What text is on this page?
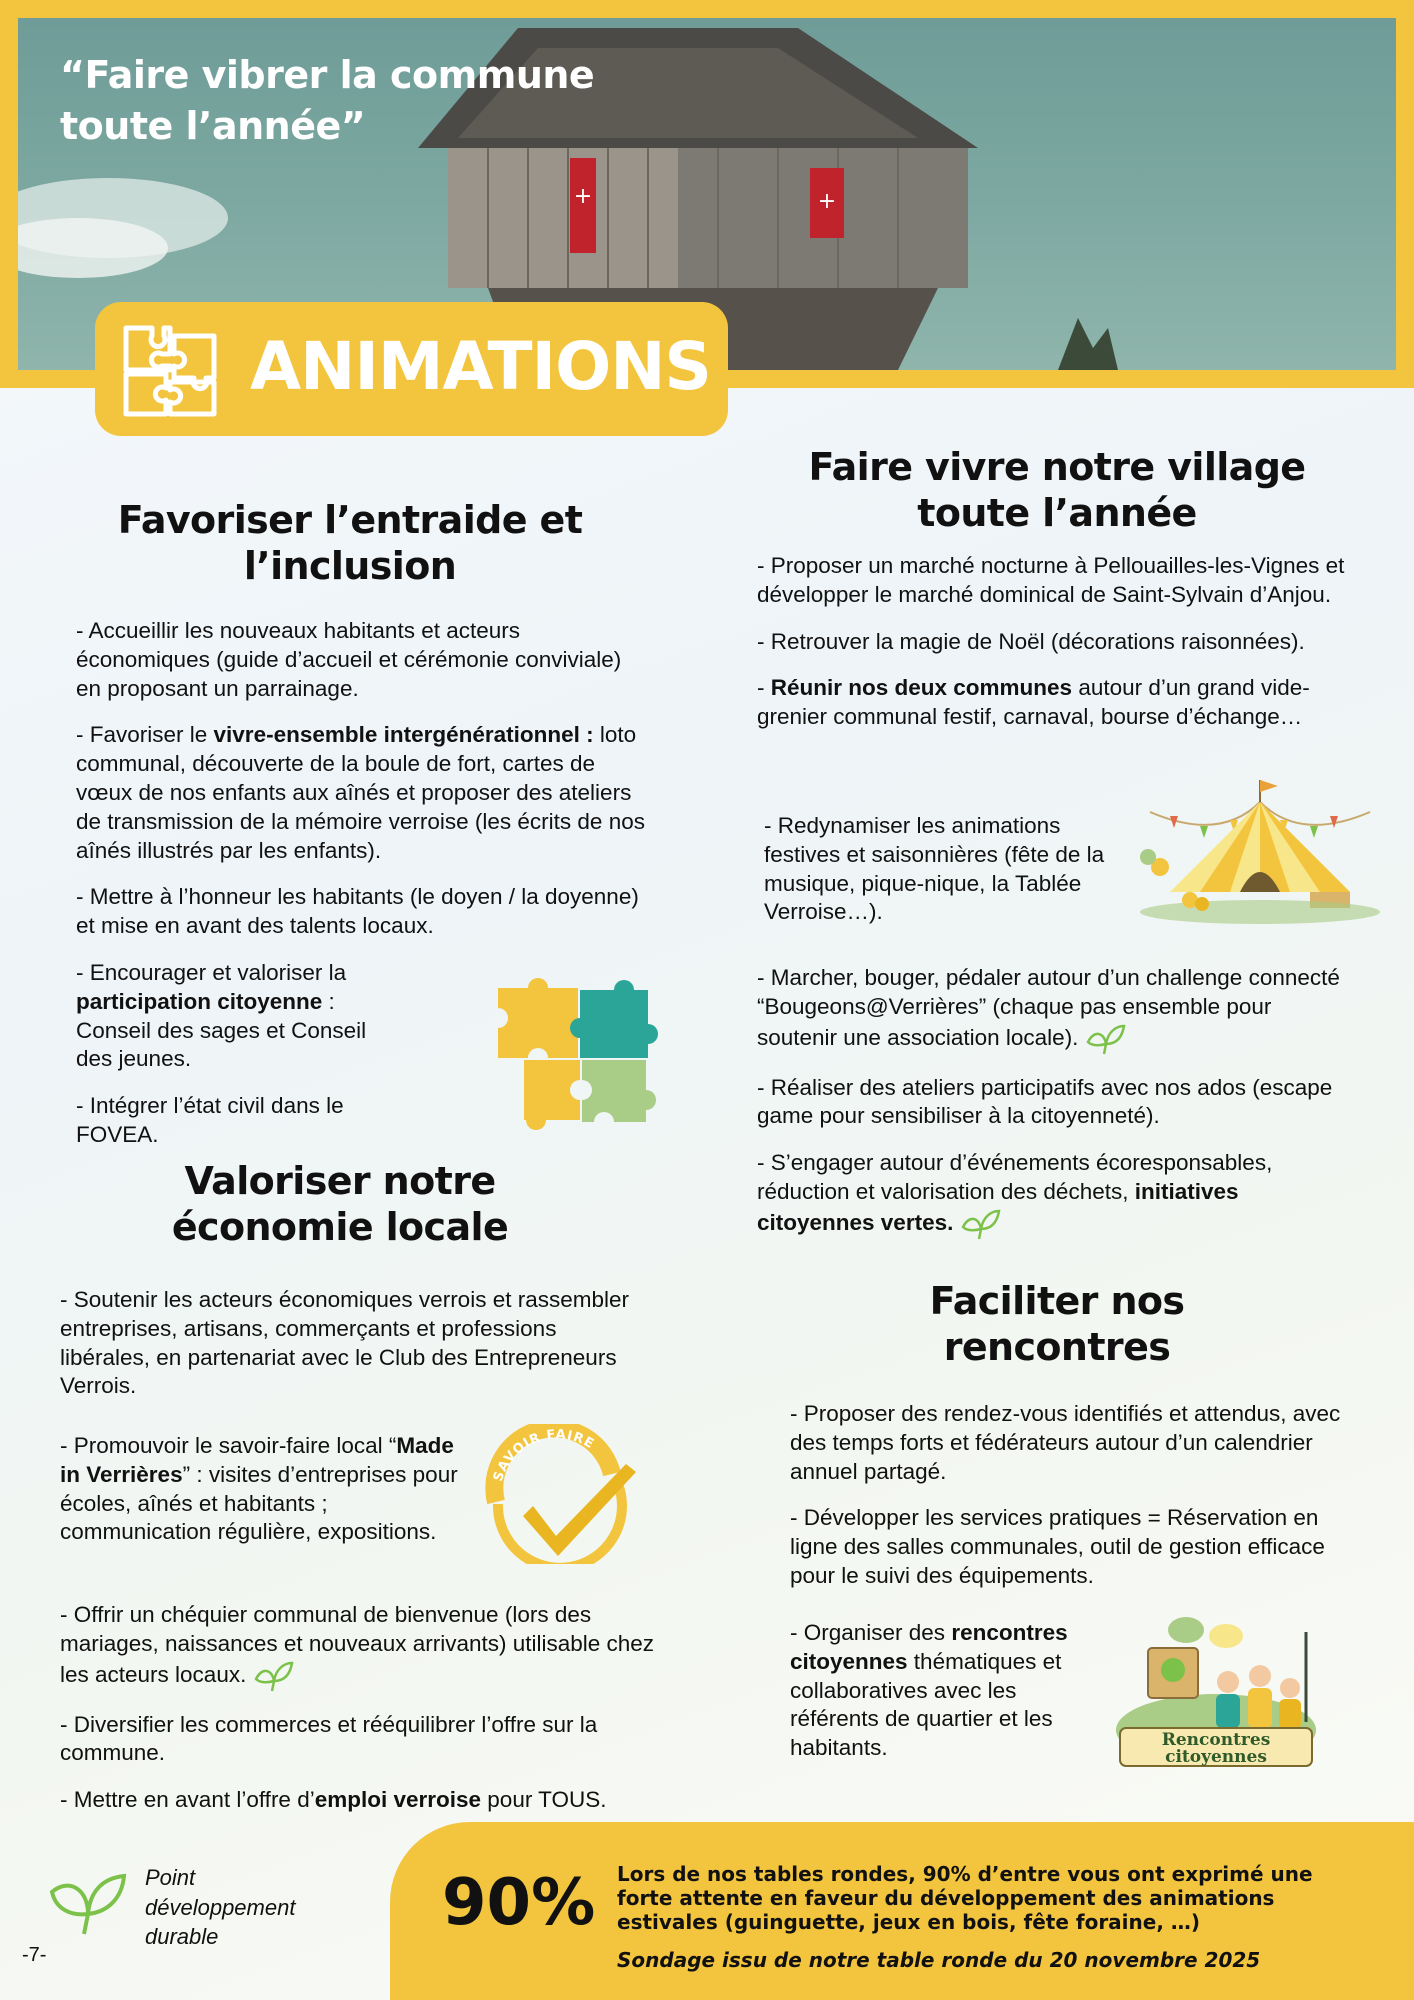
+	+
“Faire vibrer la commune
toute l’année”
ANIMATIONS
Favoriser l’entraide et
l’inclusion

- Accueillir les nouveaux habitants et acteurs économiques (guide d’accueil et cérémonie conviviale) en proposant un parrainage.

- Favoriser le vivre-ensemble intergénérationnel : loto communal, découverte de la boule de fort, cartes de vœux de nos enfants aux aînés et proposer des ateliers de transmission de la mémoire verroise (les écrits de nos aînés illustrés par les enfants).

- Mettre à l’honneur les habitants (le doyen / la doyenne) et mise en avant des talents locaux.

- Encourager et valoriser la participation citoyenne : Conseil des sages et Conseil des jeunes.

- Intégrer l’état civil dans le FOVEA.

Valoriser notre
économie locale

- Soutenir les acteurs économiques verrois et rassembler entreprises, artisans, commerçants et professions libérales, en partenariat avec le Club des Entrepreneurs Verrois.

- Promouvoir le savoir-faire local “Made in Verrières” : visites d’entreprises pour écoles, aînés et habitants ; communication régulière, expositions.

SAVOIR FAIRE

- Offrir un chéquier communal de bienvenue (lors des mariages, naissances et nouveaux arrivants) utilisable chez les acteurs locaux.

- Diversifier les commerces et rééquilibrer l’offre sur la commune.

- Mettre en avant l’offre d’emploi verroise pour TOUS.

Faire vivre notre village
toute l’année

- Proposer un marché nocturne à Pellouailles-les-Vignes et développer le marché dominical de Saint-Sylvain d’Anjou.

- Retrouver la magie de Noël (décorations raisonnées).

- Réunir nos deux communes autour d’un grand vide-grenier communal festif, carnaval, bourse d’échange…

- Redynamiser les animations festives et saisonnières (fête de la musique, pique-nique, la Tablée Verroise…).

- Marcher, bouger, pédaler autour d’un challenge connecté “Bougeons@Verrières” (chaque pas ensemble pour soutenir une association locale).

- Réaliser des ateliers participatifs avec nos ados (escape game pour sensibiliser à la citoyenneté).

- S’engager autour d’événements écoresponsables, réduction et valorisation des déchets, initiatives citoyennes vertes.

Faciliter nos
rencontres

- Proposer des rendez-vous identifiés et attendus, avec des temps forts et fédérateurs autour d’un calendrier annuel partagé.

- Développer les services pratiques = Réservation en ligne des salles communales, outil de gestion efficace pour le suivi des équipements.

- Organiser des rencontres citoyennes thématiques et collaboratives avec les référents de quartier et les habitants.	Rencontres
citoyennes
Point
développement
durable
-7-
90% Lors de nos tables rondes, 90% d’entre vous ont exprimé une forte attente en faveur du développement des animations estivales (guinguette, jeux en bois, fête foraine, …)
Sondage issu de notre table ronde du 20 novembre 2025
